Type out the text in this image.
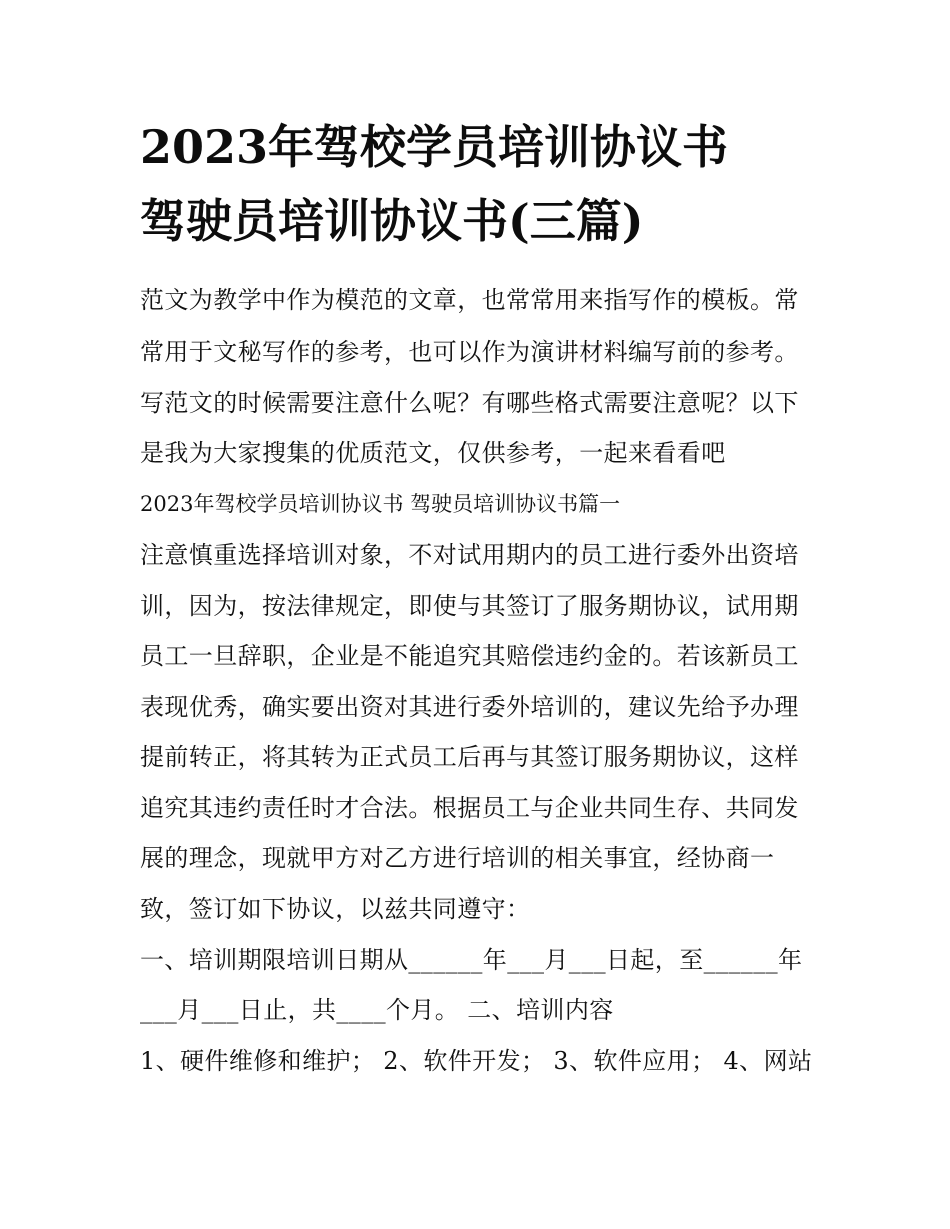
2023年驾校学员培训协议书
驾驶员培训协议书(三篇)
范文为教学中作为模范的文章，也常常用来指写作的模板。常
常用于文秘写作的参考，也可以作为演讲材料编写前的参考。
写范文的时候需要注意什么呢？有哪些格式需要注意呢？以下
是我为大家搜集的优质范文，仅供参考，一起来看看吧
2023年驾校学员培训协议书 驾驶员培训协议书篇一
注意慎重选择培训对象，不对试用期内的员工进行委外出资培
训，因为，按法律规定，即使与其签订了服务期协议，试用期
员工一旦辞职，企业是不能追究其赔偿违约金的。若该新员工
表现优秀，确实要出资对其进行委外培训的，建议先给予办理
提前转正，将其转为正式员工后再与其签订服务期协议，这样
追究其违约责任时才合法。根据员工与企业共同生存、共同发
展的理念，现就甲方对乙方进行培训的相关事宜，经协商一
致，签订如下协议，以兹共同遵守：
一、培训期限培训日期从______年___月___日起，至______年
___月___日止，共____个月。 二、培训内容
1、硬件维修和维护； 2、软件开发； 3、软件应用； 4、网站
